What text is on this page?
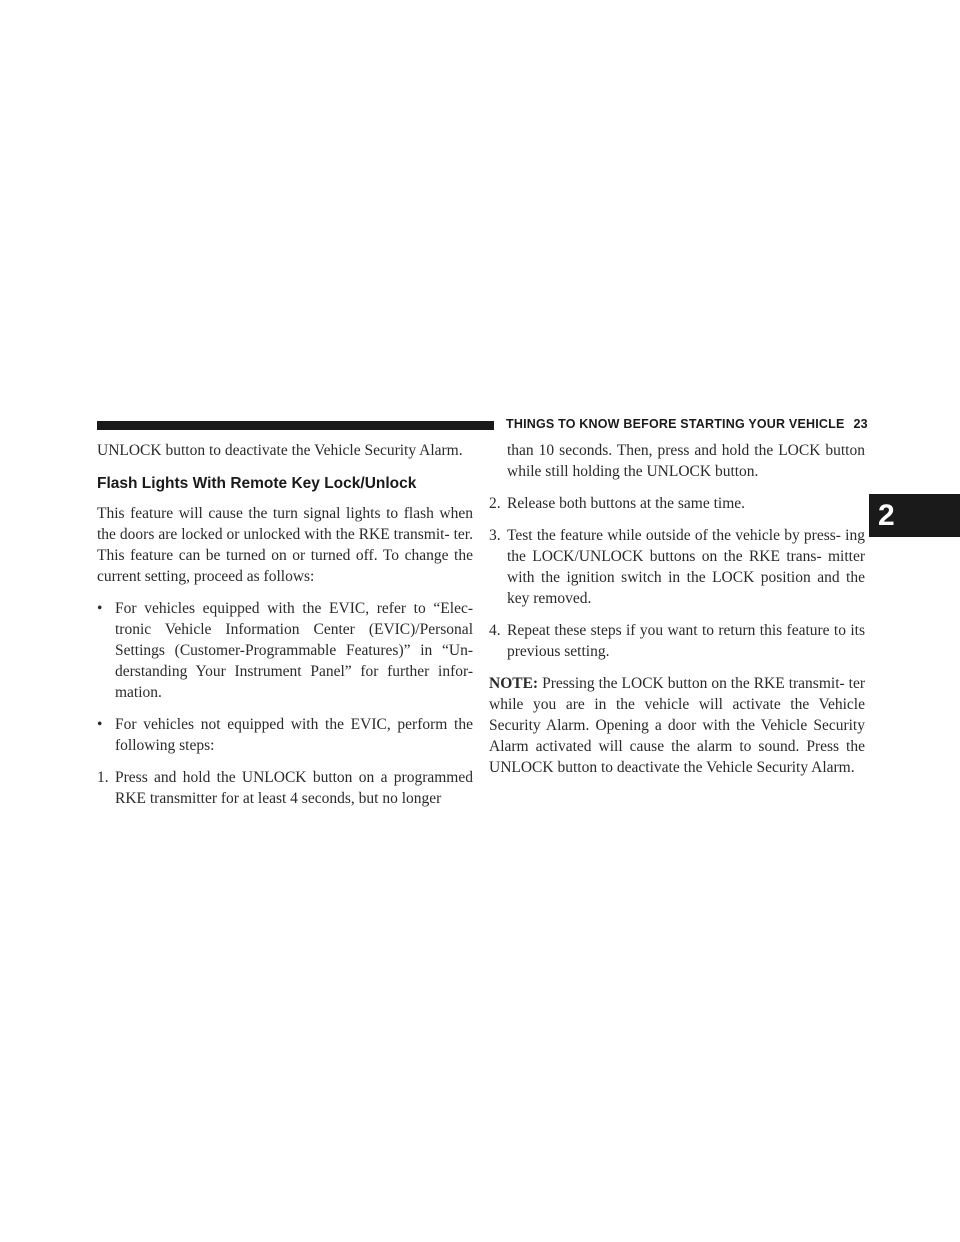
THINGS TO KNOW BEFORE STARTING YOUR VEHICLE 23
2

UNLOCK button to deactivate the Vehicle Security Alarm.

Flash Lights With Remote Key Lock/Unlock

This feature will cause the turn signal lights to flash when the doors are locked or unlocked with the RKE transmit- ter. This feature can be turned on or turned off. To change the current setting, proceed as follows:

• For vehicles equipped with the EVIC, refer to “Elec- tronic Vehicle Information Center (EVIC)/Personal Settings (Customer-Programmable Features)” in “Un- derstanding Your Instrument Panel” for further infor- mation.

• For vehicles not equipped with the EVIC, perform the following steps:

1. Press and hold the UNLOCK button on a programmed RKE transmitter for at least 4 seconds, but no longer

than 10 seconds. Then, press and hold the LOCK button while still holding the UNLOCK button.

2. Release both buttons at the same time.

3. Test the feature while outside of the vehicle by press- ing the LOCK/UNLOCK buttons on the RKE trans- mitter with the ignition switch in the LOCK position and the key removed.

4. Repeat these steps if you want to return this feature to its previous setting.

NOTE: Pressing the LOCK button on the RKE transmit- ter while you are in the vehicle will activate the Vehicle Security Alarm. Opening a door with the Vehicle Security Alarm activated will cause the alarm to sound. Press the UNLOCK button to deactivate the Vehicle Security Alarm.
